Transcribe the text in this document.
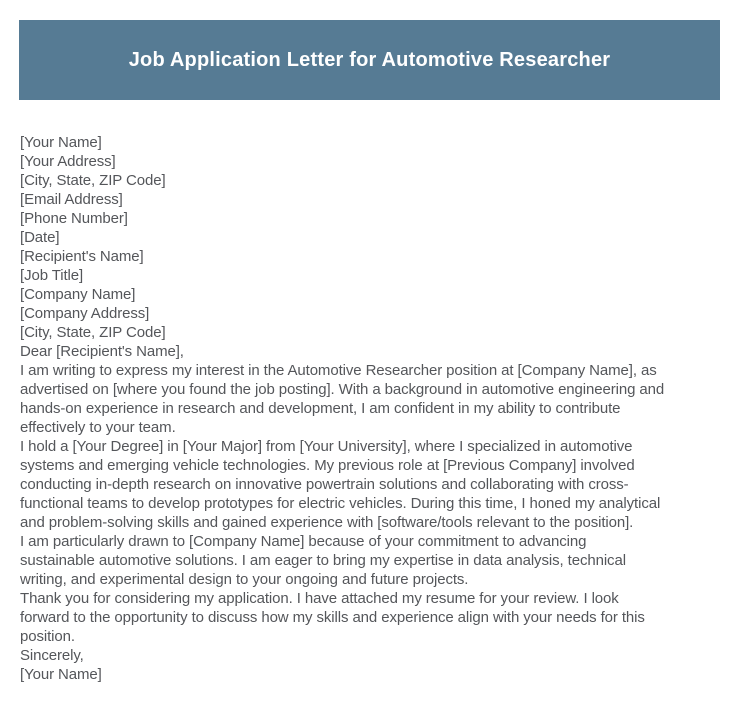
Job Application Letter for Automotive Researcher
[Your Name]
[Your Address]
[City, State, ZIP Code]
[Email Address]
[Phone Number]
[Date]
[Recipient's Name]
[Job Title]
[Company Name]
[Company Address]
[City, State, ZIP Code]
Dear [Recipient's Name],
I am writing to express my interest in the Automotive Researcher position at [Company Name], as
advertised on [where you found the job posting]. With a background in automotive engineering and
hands-on experience in research and development, I am confident in my ability to contribute
effectively to your team.
I hold a [Your Degree] in [Your Major] from [Your University], where I specialized in automotive
systems and emerging vehicle technologies. My previous role at [Previous Company] involved
conducting in-depth research on innovative powertrain solutions and collaborating with cross-
functional teams to develop prototypes for electric vehicles. During this time, I honed my analytical
and problem-solving skills and gained experience with [software/tools relevant to the position].
I am particularly drawn to [Company Name] because of your commitment to advancing
sustainable automotive solutions. I am eager to bring my expertise in data analysis, technical
writing, and experimental design to your ongoing and future projects.
Thank you for considering my application. I have attached my resume for your review. I look
forward to the opportunity to discuss how my skills and experience align with your needs for this
position.
Sincerely,
[Your Name]
